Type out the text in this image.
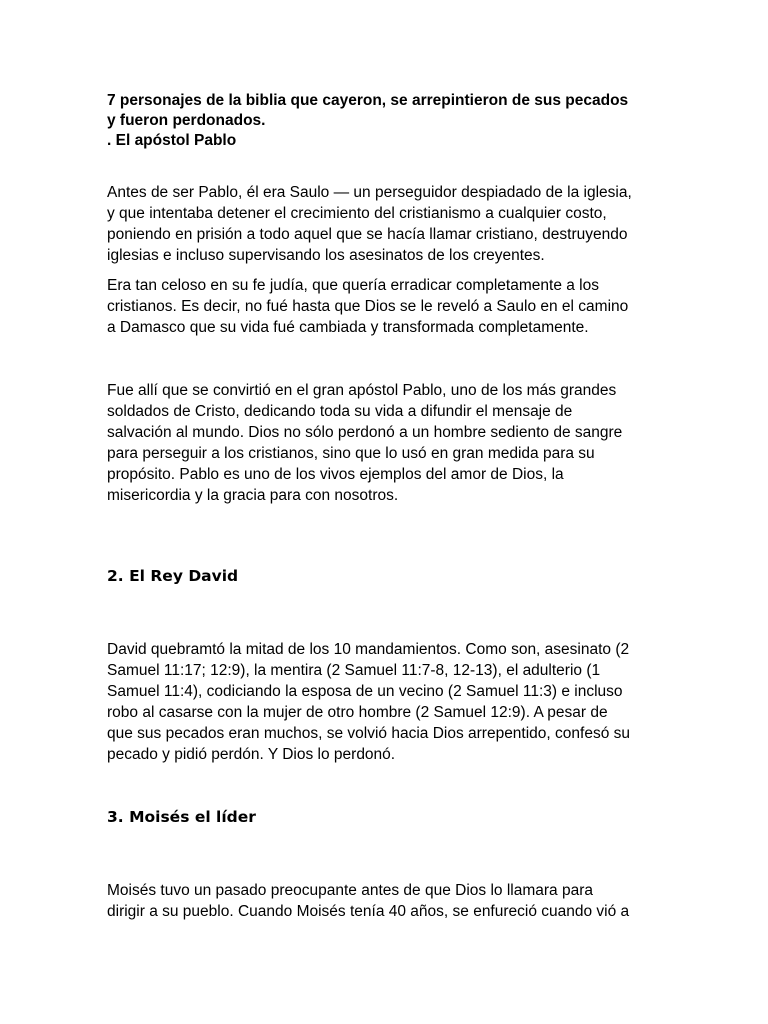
7 personajes de la biblia que cayeron, se arrepintieron de sus pecados
y fueron perdonados.
. El apóstol Pablo
Antes de ser Pablo, él era Saulo — un perseguidor despiadado de la iglesia,
y que intentaba detener el crecimiento del cristianismo a cualquier costo,
poniendo en prisión a todo aquel que se hacía llamar cristiano, destruyendo
iglesias e incluso supervisando los asesinatos de los creyentes.
Era tan celoso en su fe judía, que quería erradicar completamente a los
cristianos. Es decir, no fué hasta que Dios se le reveló a Saulo en el camino
a Damasco que su vida fué cambiada y transformada completamente.
Fue allí que se convirtió en el gran apóstol Pablo, uno de los más grandes
soldados de Cristo, dedicando toda su vida a difundir el mensaje de
salvación al mundo. Dios no sólo perdonó a un hombre sediento de sangre
para perseguir a los cristianos, sino que lo usó en gran medida para su
propósito. Pablo es uno de los vivos ejemplos del amor de Dios, la
misericordia y la gracia para con nosotros.
2. El Rey David
David quebramtó la mitad de los 10 mandamientos. Como son, asesinato (2
Samuel 11:17; 12:9), la mentira (2 Samuel 11:7-8, 12-13), el adulterio (1
Samuel 11:4), codiciando la esposa de un vecino (2 Samuel 11:3) e incluso
robo al casarse con la mujer de otro hombre (2 Samuel 12:9). A pesar de
que sus pecados eran muchos, se volvió hacia Dios arrepentido, confesó su
pecado y pidió perdón. Y Dios lo perdonó.
3. Moisés el líder
Moisés tuvo un pasado preocupante antes de que Dios lo llamara para
dirigir a su pueblo. Cuando Moisés tenía 40 años, se enfureció cuando vió a
